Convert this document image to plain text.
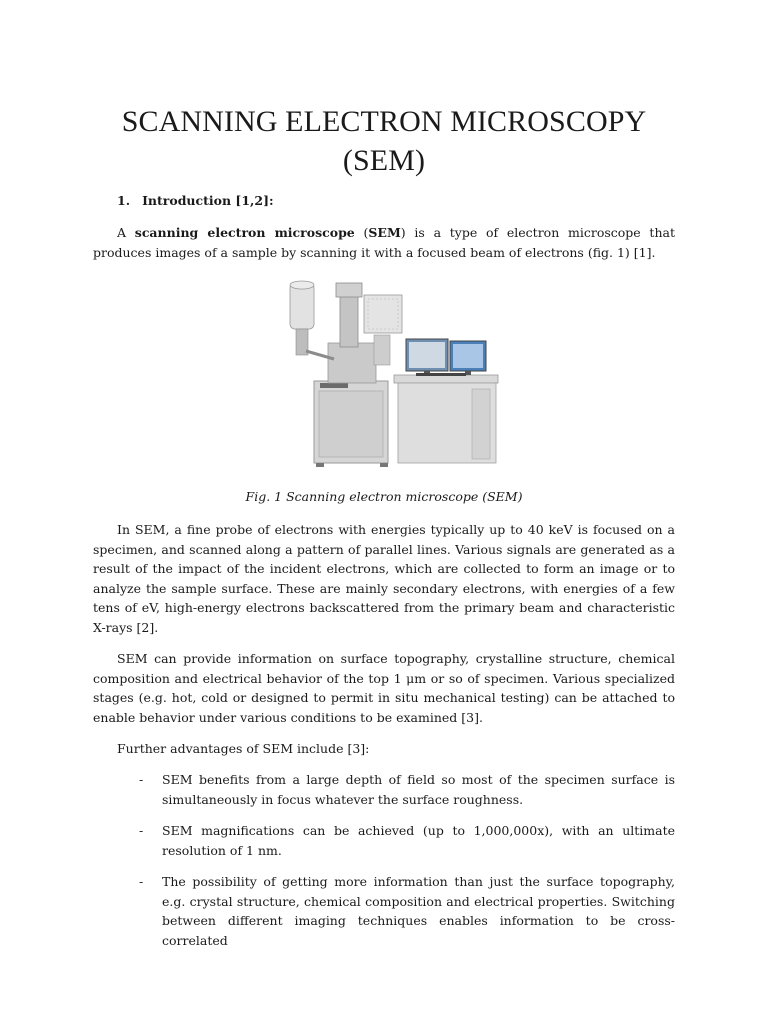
SCANNING ELECTRON MICROSCOPY
(SEM)
1. Introduction [1,2]:

A scanning electron microscope (SEM) is a type of electron microscope that produces images of a sample by scanning it with a focused beam of electrons (fig. 1) [1].

Fig. 1 Scanning electron microscope (SEM)

In SEM, a fine probe of electrons with energies typically up to 40 keV is focused on a specimen, and scanned along a pattern of parallel lines. Various signals are generated as a result of the impact of the incident electrons, which are collected to form an image or to analyze the sample surface. These are mainly secondary electrons, with energies of a few tens of eV, high-energy electrons backscattered from the primary beam and characteristic X-rays [2].

SEM can provide information on surface topography, crystalline structure, chemical composition and electrical behavior of the top 1 μm or so of specimen. Various specialized stages (e.g. hot, cold or designed to permit in situ mechanical testing) can be attached to enable behavior under various conditions to be examined [3].

Further advantages of SEM include [3]:

- SEM benefits from a large depth of field so most of the specimen surface is simultaneously in focus whatever the surface roughness.
- SEM magnifications can be achieved (up to 1,000,000x), with an ultimate resolution of 1 nm.
- The possibility of getting more information than just the surface topography, e.g. crystal structure, chemical composition and electrical properties. Switching between different imaging techniques enables information to be cross-correlated
